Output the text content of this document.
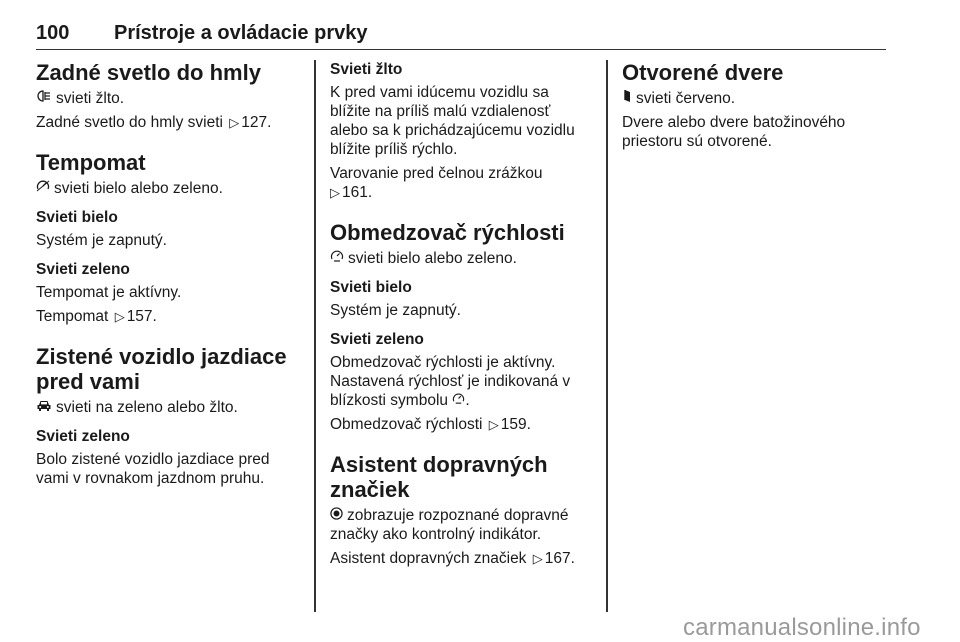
100	Prístroje a ovládacie prvky
Zadné svetlo do hmly

svieti žlto.

Zadné svetlo do hmly svieti ▷ 127.

Tempomat

svieti bielo alebo zeleno.

Svieti bielo

Systém je zapnutý.

Svieti zeleno

Tempomat je aktívny.

Tempomat ▷ 157.

Zistené vozidlo jazdiace
pred vami

svieti na zeleno alebo žlto.

Svieti zeleno

Bolo zistené vozidlo jazdiace pred
vami v rovnakom jazdnom pruhu.

Svieti žlto

K pred vami idúcemu vozidlu sa
blížite na príliš malú vzdialenosť
alebo sa k prichádzajúcemu vozidlu
blížite príliš rýchlo.

Varovanie pred čelnou zrážkou
▷ 161.

Obmedzovač rýchlosti

svieti bielo alebo zeleno.

Svieti bielo

Systém je zapnutý.

Svieti zeleno

Obmedzovač rýchlosti je aktívny.
Nastavená rýchlosť je indikovaná v
blízkosti symbolu .

Obmedzovač rýchlosti ▷ 159.

Asistent dopravných
značiek

zobrazuje rozpoznané dopravné
značky ako kontrolný indikátor.

Asistent dopravných značiek ▷ 167.

Otvorené dvere

svieti červeno.

Dvere alebo dvere batožinového
priestoru sú otvorené.

carmanualsonline.info
